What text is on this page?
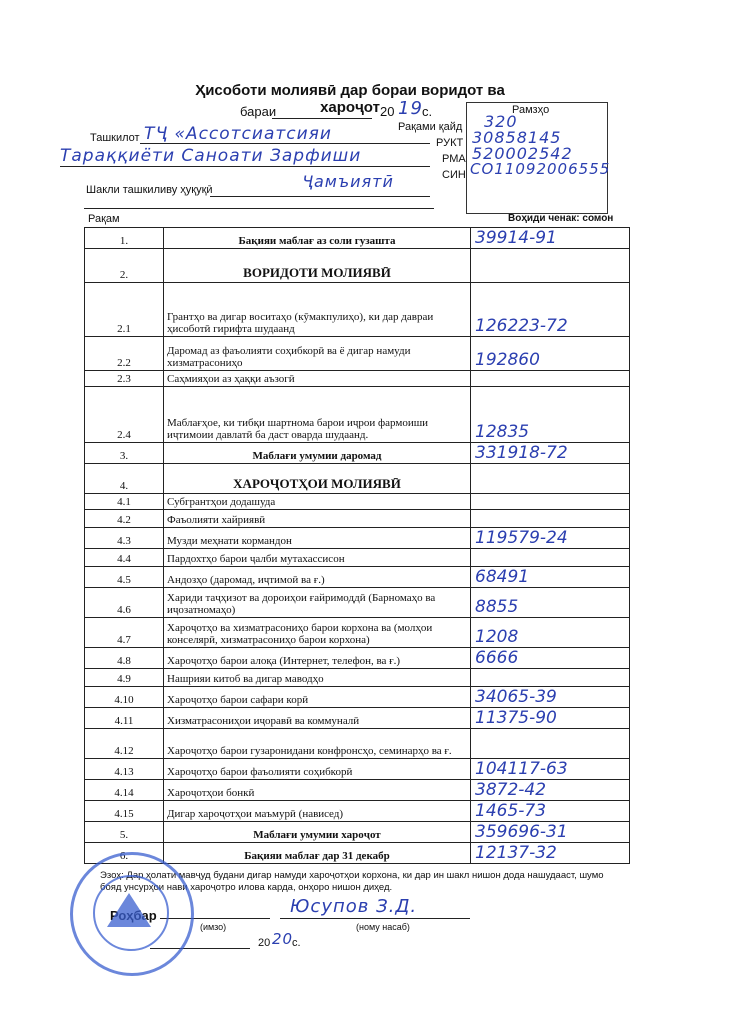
Ҳисоботи молиявӣ дар бораи воридот ва хароҷот
бараи	20 19 с.	Рамзҳо
Рақами қайд 320
РУКТ 30858145
РМА 520002542
СИН СО11092006555
Ташкилот ТҶ «Ассотсиатсияи
Тараққиёти Саноати Зарфиши
Шакли ташкиливу ҳуқуқӣ	Ҷамъиятӣ
Рақам	Воҳиди ченак: сомон
1.	Бақияи маблағ аз соли гузашта	39914-91
2.	ВОРИДОТИ МОЛИЯВӢ	
2.1	Грантҳо ва дигар воситаҳо (кӯмакпулиҳо), ки дар давраи ҳисоботӣ гирифта шудаанд	126223-72
2.2	Даромад аз фаъолияти соҳибкорӣ ва ё дигар намуди хизматрасониҳо	192860
2.3	Саҳмияҳои аз ҳаққи аъзогӣ	
2.4	Маблағҳое, ки тибқи шартнома барои иҷрои фармоиши иҷтимоии давлатӣ ба даст оварда шудаанд.	12835
3.	Маблағи умумии даромад	331918-72
4.	ХАРОҶОТҲОИ МОЛИЯВӢ	
4.1	Субгрантҳои додашуда	
4.2	Фаъолияти хайриявӣ	
4.3	Музди меҳнати кормандон	119579-24
4.4	Пардохтҳо барои ҷалби мутахассисон	
4.5	Андозҳо (даромад, иҷтимоӣ ва ғ.)	68491
4.6	Хариди таҷҳизот ва дороиҳои ғайримоддӣ (Барномаҳо ва иҷозатномаҳо)	8855
4.7	Хароҷотҳо ва хизматрасониҳо барои корхона ва (молҳои конселярӣ, хизматрасониҳо барои корхона)	1208
4.8	Хароҷотҳо барои алоқа (Интернет, телефон, ва ғ.)	6666
4.9	Нашрияи китоб ва дигар маводҳо	
4.10	Хароҷотҳо барои сафари корӣ	34065-39
4.11	Хизматрасониҳои иҷоравӣ ва коммуналӣ	11375-90
4.12	Хароҷотҳо барои гузаронидани конфронсҳо, семинарҳо ва ғ.	
4.13	Хароҷотҳо барои фаъолияти соҳибкорӣ	104117-63
4.14	Хароҷотҳои бонкӣ	3872-42
4.15	Дигар хароҷотҳои маъмурӣ (навиcед)	1465-73
5.	Маблағи умумии хароҷот	359696-31
6.	Бақияи маблағ дар 31 декабр	12137-32
Эзоҳ: Дар ҳолати мавҷуд будани дигар намуди хароҷотҳои корхона, ки дар ин шакл нишон дода нашудааст, шумо бояд унсурҳои нави хароҷотро илова карда, онҳоро нишон диҳед.
Роҳбар
(имзо)
Юсупов З.Д.
(ному насаб)
20 20
с.
